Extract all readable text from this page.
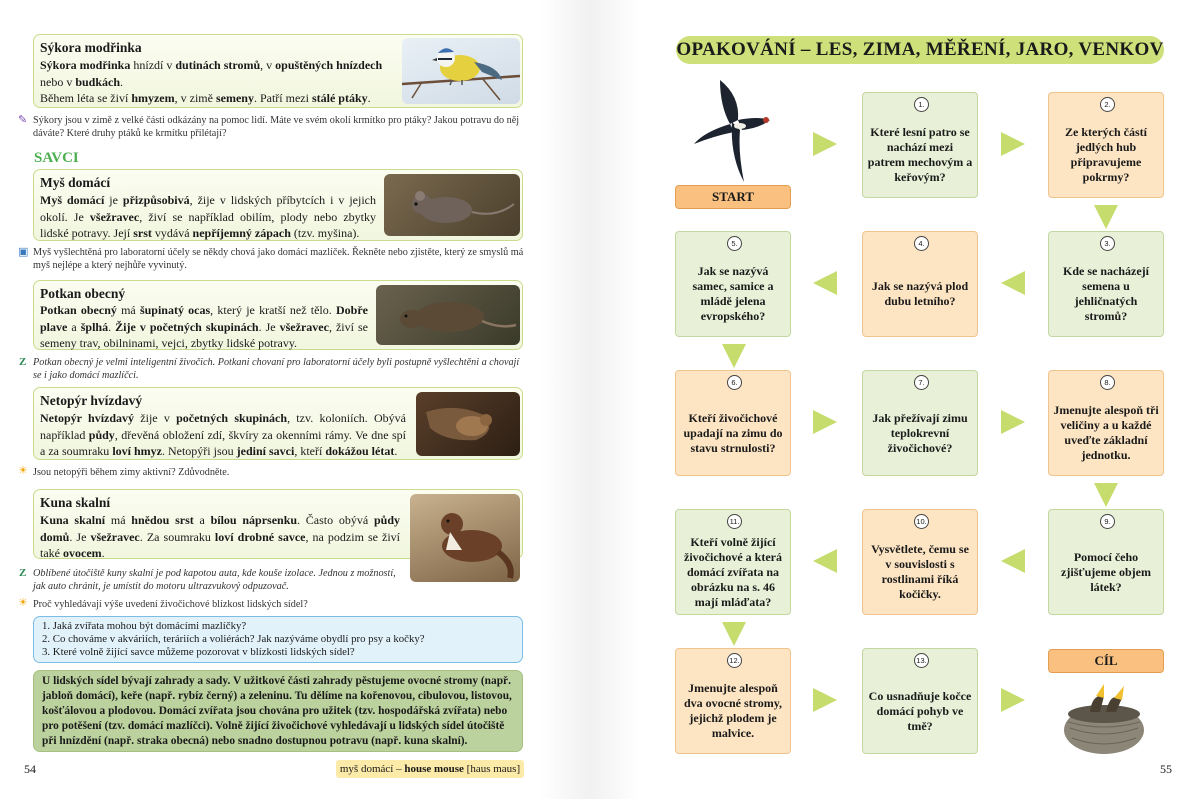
Sýkora modřinka
Sýkora modřinka hnízdí v dutinách stromů, v opuštěných hnízdech nebo v budkách.
Během léta se živí hmyzem, v zimě semeny. Patří mezi stálé ptáky.
✎ Sýkory jsou v zimě z velké části odkázány na pomoc lidí. Máte ve svém okolí krmítko pro ptáky? Jakou potravu do něj dáváte? Které druhy ptáků ke krmítku přilétají?
SAVCI
Myš domácí
Myš domácí je přizpůsobivá, žije v lidských příbytcích i v jejich okolí. Je všežravec, živí se například obilím, plody nebo zbytky lidské potravy. Její srst vydává nepříjemný zápach (tzv. myšina).
▣ Myš vyšlechtěná pro laboratorní účely se někdy chová jako domácí mazlíček. Řekněte nebo zjistěte, který ze smyslů má myš nejlépe a který nejhůře vyvinutý.
Potkan obecný
Potkan obecný má šupinatý ocas, který je kratší než tělo. Dobře plave a šplhá. Žije v početných skupinách. Je všežravec, živí se semeny trav, obilninami, vejci, zbytky lidské potravy.
Z Potkan obecný je velmi inteligentní živočich. Potkani chovaní pro laboratorní účely byli postupně vyšlechtěni a chovají se i jako domácí mazlíčci.
Netopýr hvízdavý
Netopýr hvízdavý žije v početných skupinách, tzv. koloniích. Obývá například půdy, dřevěná obložení zdí, škvíry za okenními rámy. Ve dne spí a za soumraku loví hmyz. Netopýři jsou jediní savci, kteří dokážou létat.
☀ Jsou netopýři během zimy aktivní? Zdůvodněte.
Kuna skalní
Kuna skalní má hnědou srst a bílou náprsenku. Často obývá půdy domů. Je všežravec. Za soumraku loví drobné savce, na podzim se živí také ovocem.
Z Oblíbené útočiště kuny skalní je pod kapotou auta, kde kouše izolace. Jednou z možností, jak auto chránit, je umístit do motoru ultrazvukový odpuzovač.
☀ Proč vyhledávají výše uvedení živočichové blízkost lidských sídel?
1. Jaká zvířata mohou být domácími mazlíčky?
2. Co chováme v akváriích, teráriích a voliérách? Jak nazýváme obydlí pro psy a kočky?
3. Které volně žijící savce můžeme pozorovat v blízkosti lidských sídel?
U lidských sídel bývají zahrady a sady. V užitkové části zahrady pěstujeme ovocné stromy (např. jabloň domácí), keře (např. rybíz černý) a zeleninu. Tu dělíme na kořenovou, cibulovou, listovou, košťálovou a plodovou. Domácí zvířata jsou chována pro užitek (tzv. hospodářská zvířata) nebo pro potěšení (tzv. domácí mazlíčci). Volně žijící živočichové vyhledávají u lidských sídel útočiště při hnízdění (např. straka obecná) nebo snadno dostupnou potravu (např. kuna skalní).
54	myš domácí – house mouse [haus maus]
OPAKOVÁNÍ – LES, ZIMA, MĚŘENÍ, JARO, VENKOV
START
CÍL
1.
Které lesní patro se nachází mezi patrem mechovým a keřovým?
2.
Ze kterých částí jedlých hub připravujeme pokrmy?
3.
Kde se nacházejí semena u jehličnatých stromů?
4.
Jak se nazývá plod dubu letního?
5.
Jak se nazývá samec, samice a mládě jelena evropského?
6.
Kteří živočichové upadají na zimu do stavu strnulosti?
7.
Jak přežívají zimu teplokrevní živočichové?
8.
Jmenujte alespoň tři veličiny a u každé uveďte základní jednotku.
9.
Pomocí čeho zjišťujeme objem látek?
10.
Vysvětlete, čemu se v souvislosti s rostlinami říká kočičky.
11.
Kteří volně žijící živočichové a která domácí zvířata na obrázku na s. 46 mají mláďata?
12.
Jmenujte alespoň dva ovocné stromy, jejichž plodem je malvice.
13.
Co usnadňuje kočce domácí pohyb ve tmě?
55
